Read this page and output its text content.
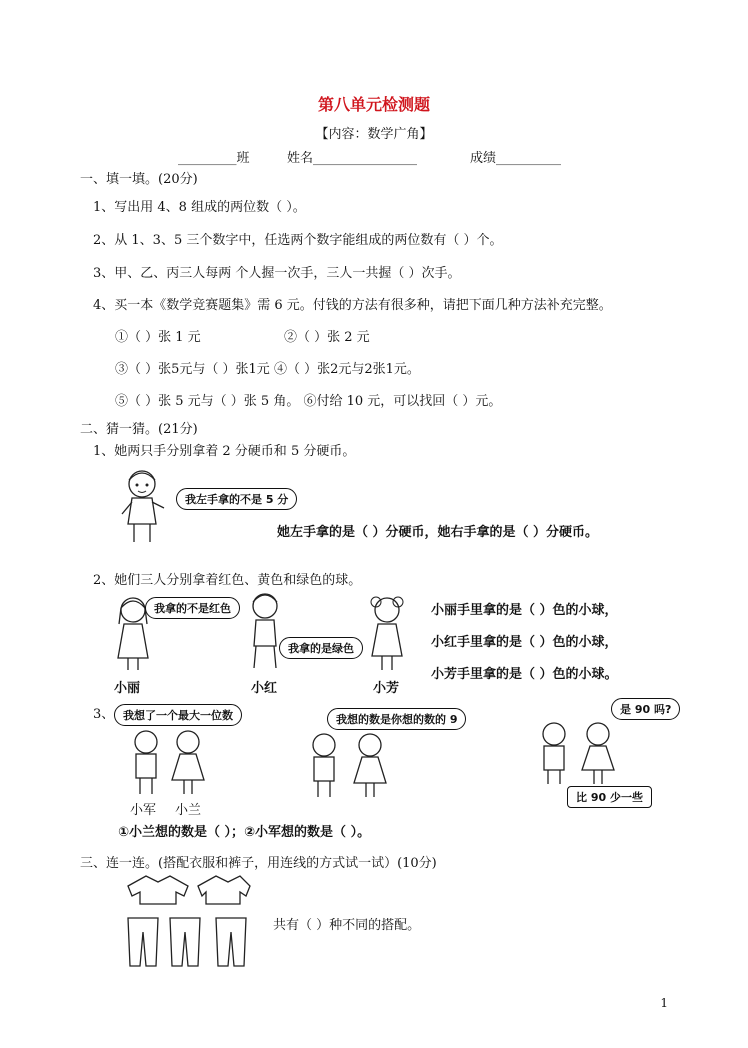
第八单元检测题
【内容：数学广角】
_________班	姓名________________	成绩__________
一、填一填。(20分)
1、写出用 4、8 组成的两位数（ ）。
2、从 1、3、5 三个数字中，任选两个数字能组成的两位数有（ ）个。
3、甲、乙、丙三人每两 个人握一次手，三人一共握（ ）次手。
4、买一本《数学竞赛题集》需 6 元。付钱的方法有很多种，请把下面几种方法补充完整。
①（ ）张 1 元	②（ ）张 2 元
③（ ）张5元与（ ）张1元 ④（ ）张2元与2张1元。
⑤（ ）张 5 元与（ ）张 5 角。 ⑥付给 10 元，可以找回（ ）元。
二、猜一猜。(21分)
1、她两只手分别拿着 2 分硬币和 5 分硬币。
我左手拿的不是 5 分
她左手拿的是（ ）分硬币，她右手拿的是（ ）分硬币。
2、她们三人分别拿着红色、黄色和绿色的球。
我拿的不是红色
我拿的是绿色
小丽	小红	小芳
小丽手里拿的是（ ）色的小球，
小红手里拿的是（ ）色的小球，
小芳手里拿的是（ ）色的小球。
3、 我想了一个最大一位数	我想的数是你想的数的 9
是 90 吗?
比 90 少一些
小军 小兰
①小兰想的数是（ ）；②小军想的数是（ ）。
三、连一连。(搭配衣服和裤子，用连线的方式试一试）(10分)
共有（ ）种不同的搭配。
1
